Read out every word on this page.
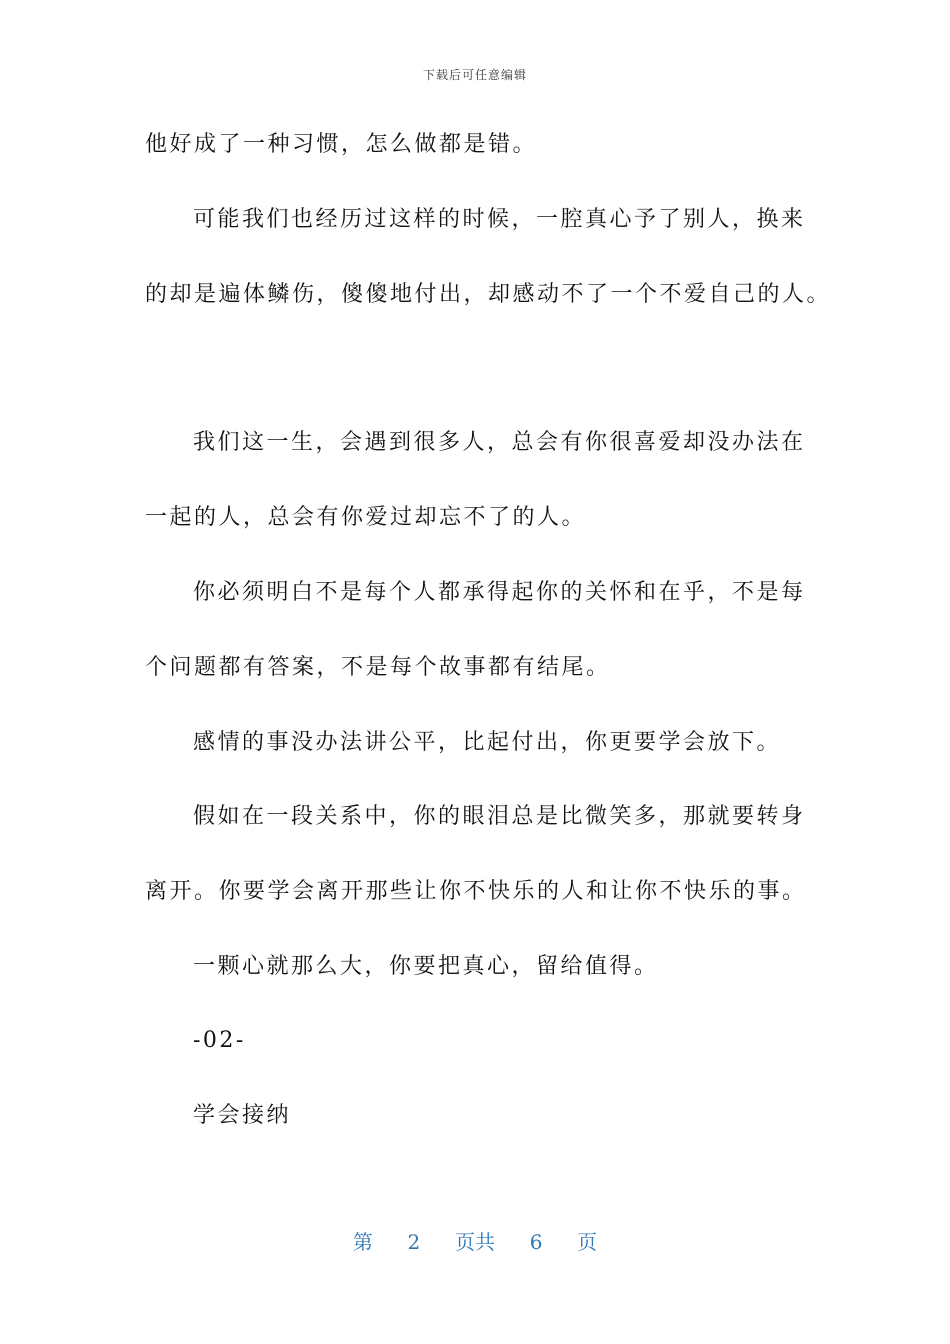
下载后可任意编辑
他好成了一种习惯，怎么做都是错。
可能我们也经历过这样的时候，一腔真心予了别人，换来
的却是遍体鳞伤，傻傻地付出，却感动不了一个不爱自己的人。
我们这一生，会遇到很多人，总会有你很喜爱却没办法在
一起的人，总会有你爱过却忘不了的人。
你必须明白不是每个人都承得起你的关怀和在乎，不是每
个问题都有答案，不是每个故事都有结尾。
感情的事没办法讲公平，比起付出，你更要学会放下。
假如在一段关系中，你的眼泪总是比微笑多，那就要转身
离开。你要学会离开那些让你不快乐的人和让你不快乐的事。
一颗心就那么大，你要把真心，留给值得。
-02-
学会接纳
第 2 页共 6 页
